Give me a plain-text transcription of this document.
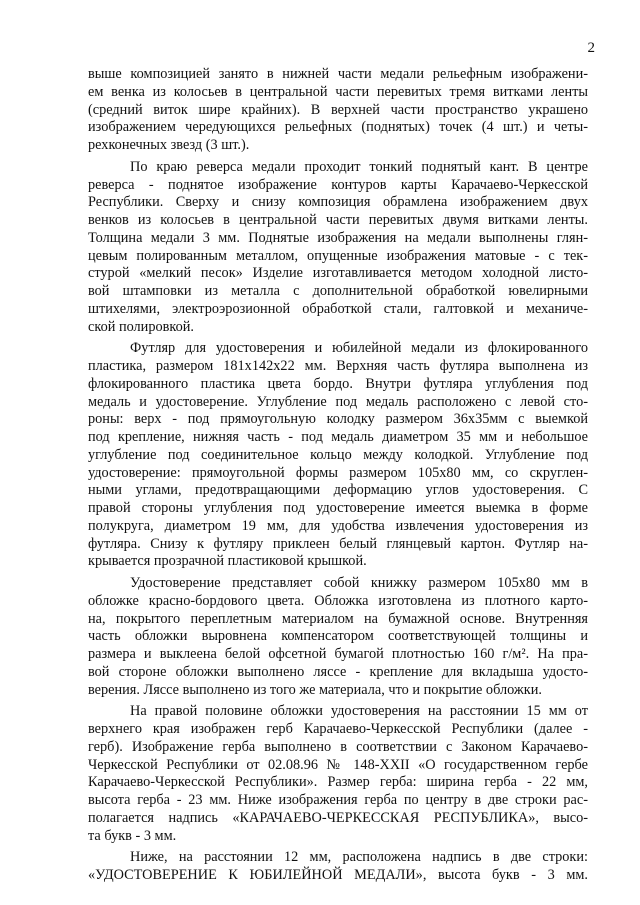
2
выше композицией занято в нижней части медали рельефным изображени-
ем венка из колосьев в центральной части перевитых тремя витками ленты
(средний виток шире крайних). В верхней части пространство украшено
изображением чередующихся рельефных (поднятых) точек (4 шт.) и четы-
рехконечных звезд (3 шт.).
По краю реверса медали проходит тонкий поднятый кант. В центре
реверса - поднятое изображение контуров карты Карачаево-Черкесской
Республики. Сверху и снизу композиция обрамлена изображением двух
венков из колосьев в центральной части перевитых двумя витками ленты.
Толщина медали 3 мм. Поднятые изображения на медали выполнены глян-
цевым полированным металлом, опущенные изображения матовые - с тек-
стурой «мелкий песок» Изделие изготавливается методом холодной листо-
вой штамповки из металла с дополнительной обработкой ювелирными
штихелями, электроэрозионной обработкой стали, галтовкой и механиче-
ской полировкой.
Футляр для удостоверения и юбилейной медали из флокированного
пластика, размером 181х142х22 мм. Верхняя часть футляра выполнена из
флокированного пластика цвета бордо. Внутри футляра углубления под
медаль и удостоверение. Углубление под медаль расположено с левой сто-
роны: верх - под прямоугольную колодку размером 36х35мм с выемкой
под крепление, нижняя часть - под медаль диаметром 35 мм и небольшое
углубление под соединительное кольцо между колодкой. Углубление под
удостоверение: прямоугольной формы размером 105х80 мм, со скруглен-
ными углами, предотвращающими деформацию углов удостоверения. С
правой стороны углубления под удостоверение имеется выемка в форме
полукруга, диаметром 19 мм, для удобства извлечения удостоверения из
футляра. Снизу к футляру приклеен белый глянцевый картон. Футляр на-
крывается прозрачной пластиковой крышкой.
Удостоверение представляет собой книжку размером 105х80 мм в
обложке красно-бордового цвета. Обложка изготовлена из плотного карто-
на, покрытого переплетным материалом на бумажной основе. Внутренняя
часть обложки выровнена компенсатором соответствующей толщины и
размера и выклеена белой офсетной бумагой плотностью 160 г/м². На пра-
вой стороне обложки выполнено ляссе - крепление для вкладыша удосто-
верения. Ляссе выполнено из того же материала, что и покрытие обложки.
На правой половине обложки удостоверения на расстоянии 15 мм от
верхнего края изображен герб Карачаево-Черкесской Республики (далее -
герб). Изображение герба выполнено в соответствии с Законом Карачаево-
Черкесской Республики от 02.08.96 № 148-XXII «О государственном гербе
Карачаево-Черкесской Республики». Размер герба: ширина герба - 22 мм,
высота герба - 23 мм. Ниже изображения герба по центру в две строки рас-
полагается надпись «КАРАЧАЕВО-ЧЕРКЕССКАЯ РЕСПУБЛИКА», высо-
та букв - 3 мм.
Ниже, на расстоянии 12 мм, расположена надпись в две строки:
«УДОСТОВЕРЕНИЕ К ЮБИЛЕЙНОЙ МЕДАЛИ», высота букв - 3 мм.
